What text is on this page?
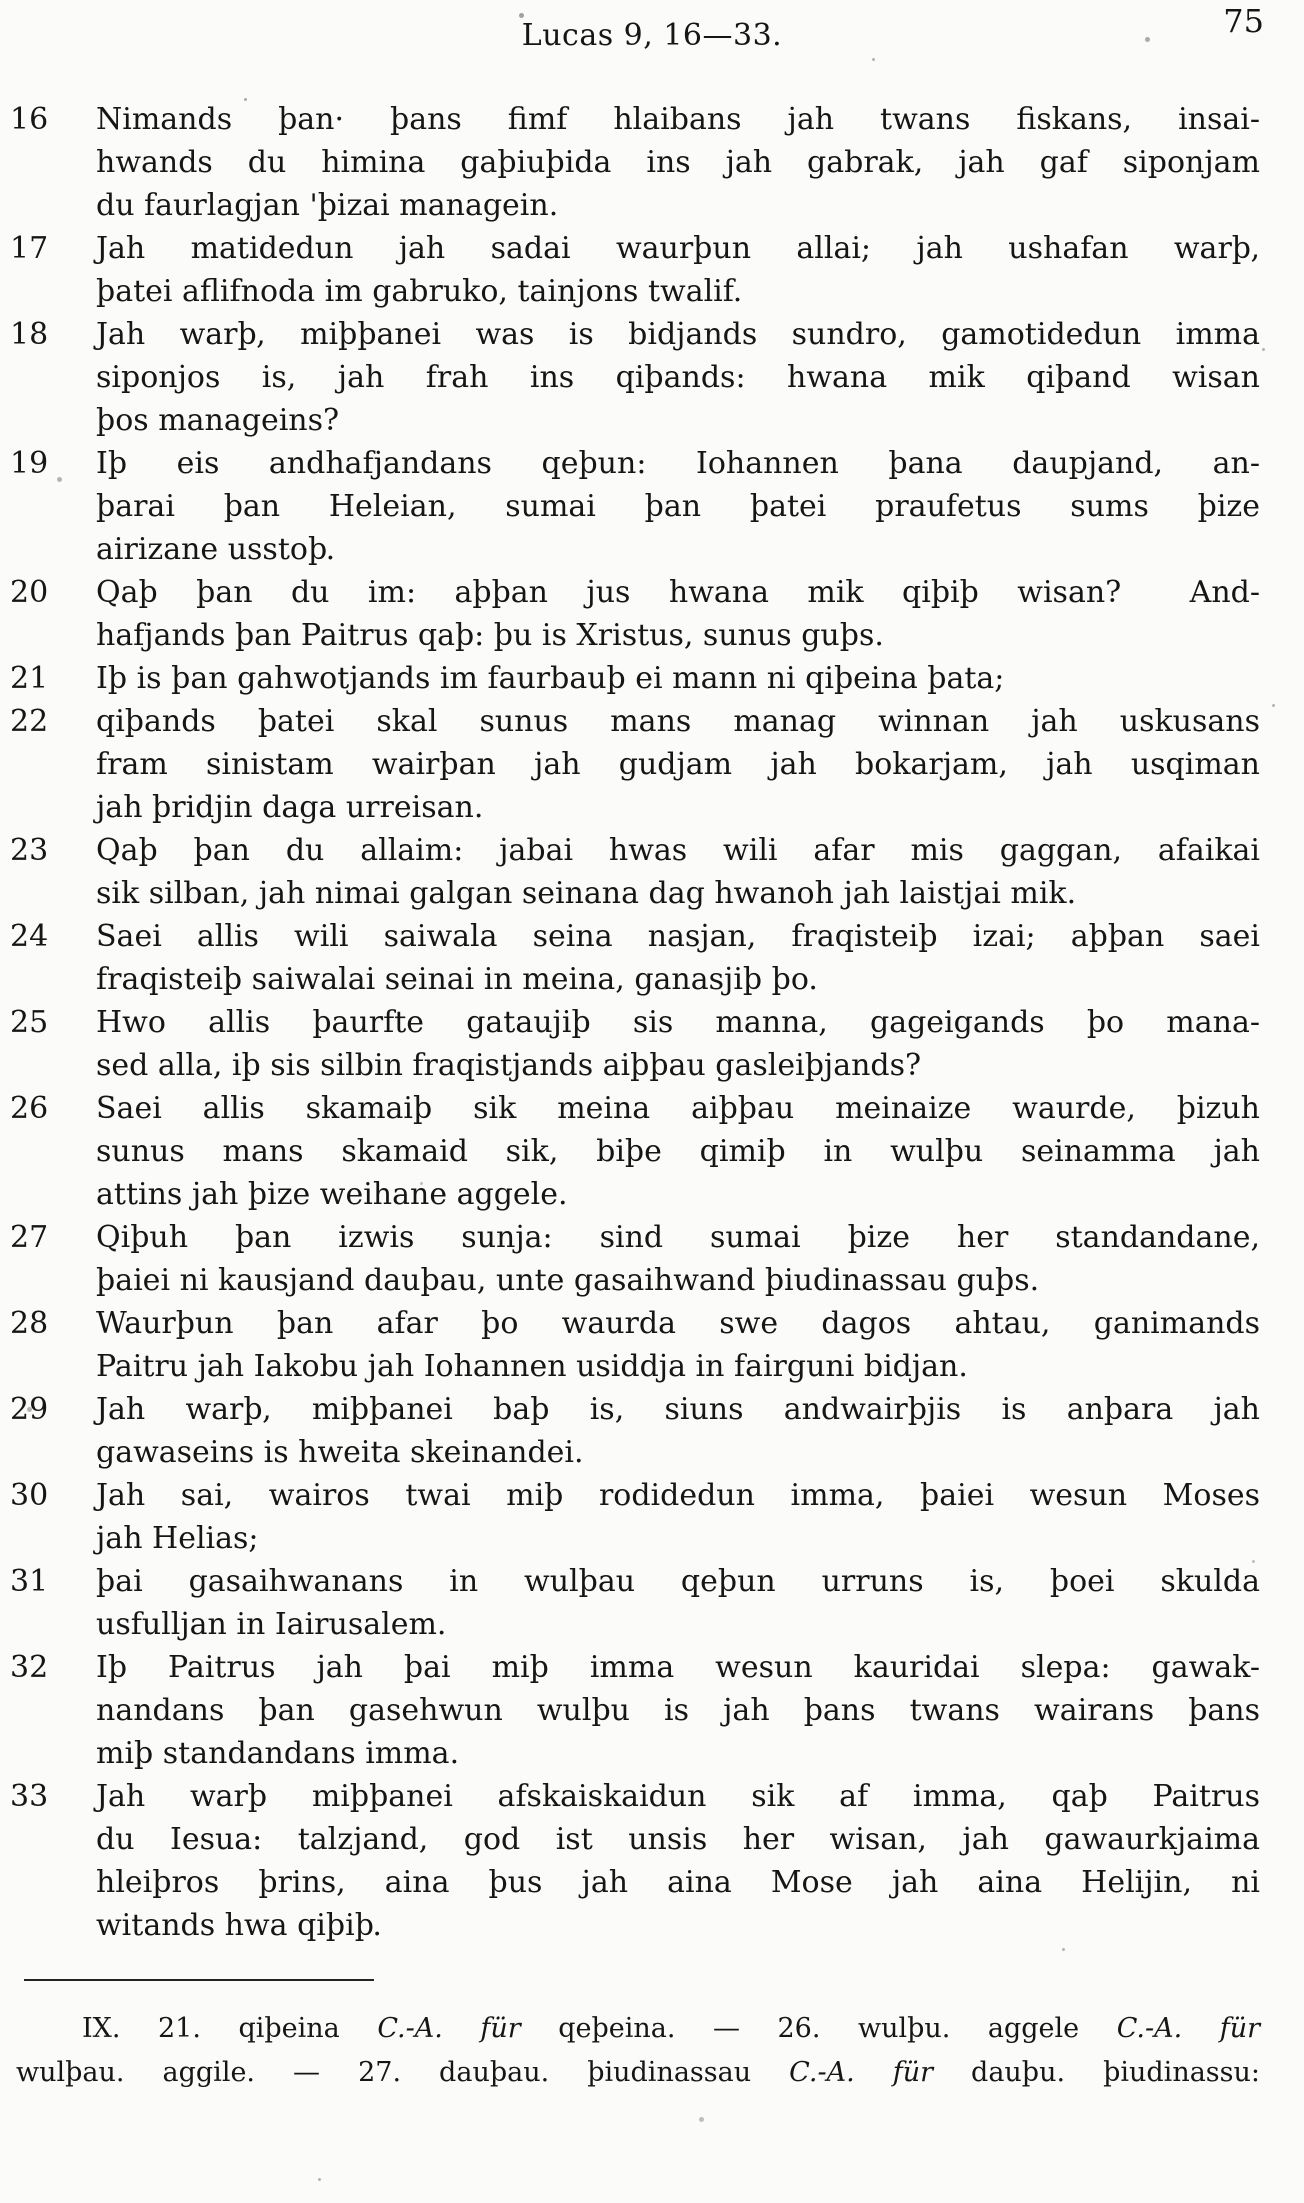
Lucas 9, 16—33.	75
16 Nimands þan· þans fimf hlaibans jah twans fiskans, insai-
hwands du himina gaþiuþida ins jah gabrak, jah gaf siponjam
du faurlagjan 'þizai managein.
17 Jah matidedun jah sadai waurþun allai; jah ushafan warþ,
þatei aflifnoda im gabruko, tainjons twalif.
18 Jah warþ, miþþanei was is bidjands sundro, gamotidedun imma
siponjos is, jah frah ins qiþands: hwana mik qiþand wisan
þos manageins?
19 Iþ eis andhafjandans qeþun: Iohannen þana daupjand, an-
þarai þan Heleian, sumai þan þatei praufetus sums þize
airizane usstoþ.
20 Qaþ þan du im: aþþan jus hwana mik qiþiþ wisan?  And-
hafjands þan Paitrus qaþ: þu is Xristus, sunus guþs.
21 Iþ is þan gahwotjands im faurbauþ ei mann ni qiþeina þata;
22 qiþands þatei skal sunus mans manag winnan jah uskusans
fram sinistam wairþan jah gudjam jah bokarjam, jah usqiman
jah þridjin daga urreisan.
23 Qaþ þan du allaim: jabai hwas wili afar mis gaggan, afaikai
sik silban, jah nimai galgan seinana dag hwanoh jah laistjai mik.
24 Saei allis wili saiwala seina nasjan, fraqisteiþ izai; aþþan saei
fraqisteiþ saiwalai seinai in meina, ganasjiþ þo.
25 Hwo allis þaurfte gataujiþ sis manna, gageigands þo mana-
sed alla, iþ sis silbin fraqistjands aiþþau gasleiþjands?
26 Saei allis skamaiþ sik meina aiþþau meinaize waurde, þizuh
sunus mans skamaid sik, biþe qimiþ in wulþu seinamma jah
attins jah þize weihane aggele.
27 Qiþuh þan izwis sunja: sind sumai þize her standandane,
þaiei ni kausjand dauþau, unte gasaihwand þiudinassau guþs.
28 Waurþun þan afar þo waurda swe dagos ahtau, ganimands
Paitru jah Iakobu jah Iohannen usiddja in fairguni bidjan.
29 Jah warþ, miþþanei baþ is, siuns andwairþjis is anþara jah
gawaseins is hweita skeinandei.
30 Jah sai, wairos twai miþ rodidedun imma, þaiei wesun Moses
jah Helias;
31 þai gasaihwanans in wulþau qeþun urruns is, þoei skulda
usfulljan in Iairusalem.
32 Iþ Paitrus jah þai miþ imma wesun kauridai slepa: gawak-
nandans þan gasehwun wulþu is jah þans twans wairans þans
miþ standandans imma.
33 Jah warþ miþþanei afskaiskaidun sik af imma, qaþ Paitrus
du Iesua: talzjand, god ist unsis her wisan, jah gawaurkjaima
hleiþros þrins, aina þus jah aina Mose jah aina Helijin, ni
witands hwa qiþiþ.
IX. 21. qiþeina C.-A. für qeþeina. — 26. wulþu. aggele C.-A. für
wulþau. aggile. — 27. dauþau. þiudinassau C.-A. für dauþu. þiudinassu:
